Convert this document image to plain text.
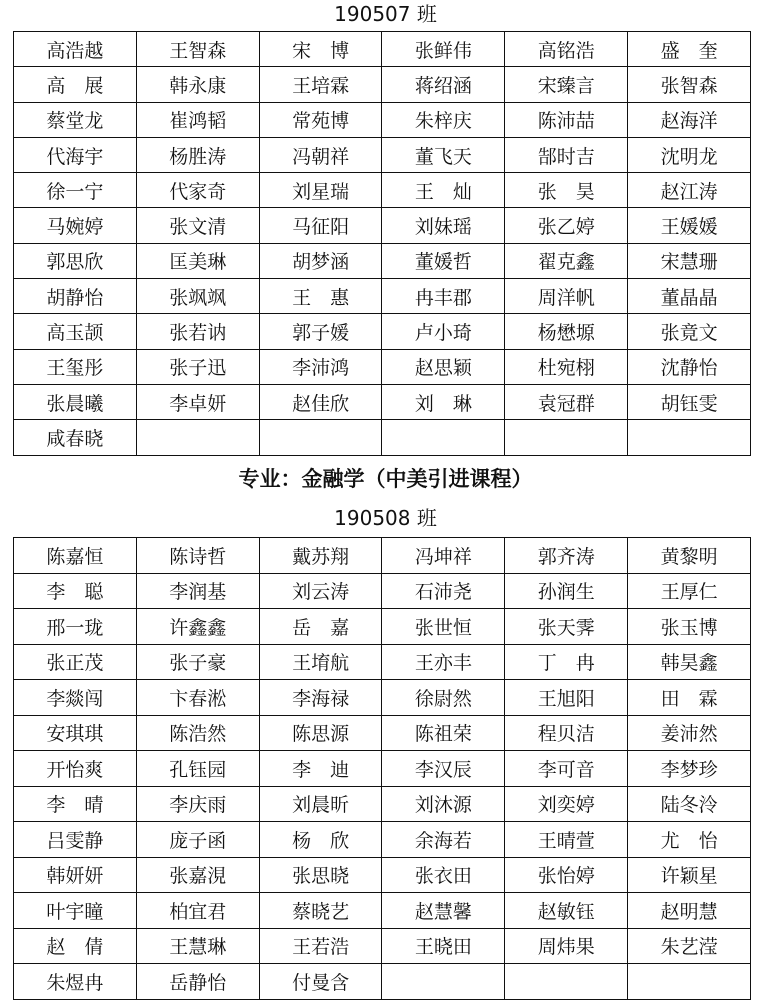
190507 班
高浩越	王智森	宋　博	张鲜伟	高铭浩	盛　奎
高　展	韩永康	王培霖	蒋绍涵	宋臻言	张智森
蔡堂龙	崔鸿韬	常苑博	朱梓庆	陈沛喆	赵海洋
代海宇	杨胜涛	冯朝祥	董飞天	郜时吉	沈明龙
徐一宁	代家奇	刘星瑞	王　灿	张　昊	赵江涛
马婉婷	张文清	马征阳	刘妹瑶	张乙婷	王媛媛
郭思欣	匡美琳	胡梦涵	董媛哲	翟克鑫	宋慧珊
胡静怡	张飒飒	王　惠	冉丰郡	周洋帆	董晶晶
高玉颉	张若讷	郭子媛	卢小琦	杨懋塬	张竟文
王玺彤	张子迅	李沛鸿	赵思颖	杜宛栩	沈静怡
张晨曦	李卓妍	赵佳欣	刘　琳	袁冠群	胡钰雯
咸春晓					
专业：金融学（中美引进课程）
190508 班
陈嘉恒	陈诗哲	戴苏翔	冯坤祥	郭齐涛	黄黎明
李　聪	李润基	刘云涛	石沛尧	孙润生	王厚仁
邢一珑	许鑫鑫	岳　嘉	张世恒	张天霁	张玉博
张正茂	张子豪	王堉航	王亦丰	丁　冉	韩昊鑫
李燚闯	卞春淞	李海禄	徐尉然	王旭阳	田　霖
安琪琪	陈浩然	陈思源	陈祖荣	程贝洁	姜沛然
开怡爽	孔钰园	李　迪	李汉辰	李可音	李梦珍
李　晴	李庆雨	刘晨昕	刘沐源	刘奕婷	陆冬泠
吕雯静	庞子函	杨　欣	余海若	王晴萱	尤　怡
韩妍妍	张嘉涀	张思晓	张衣田	张怡婷	许颖星
叶宇瞳	柏宜君	蔡晓艺	赵慧馨	赵敏钰	赵明慧
赵　倩	王慧琳	王若浩	王晓田	周炜果	朱艺滢
朱煜冉	岳静怡	付曼含			
